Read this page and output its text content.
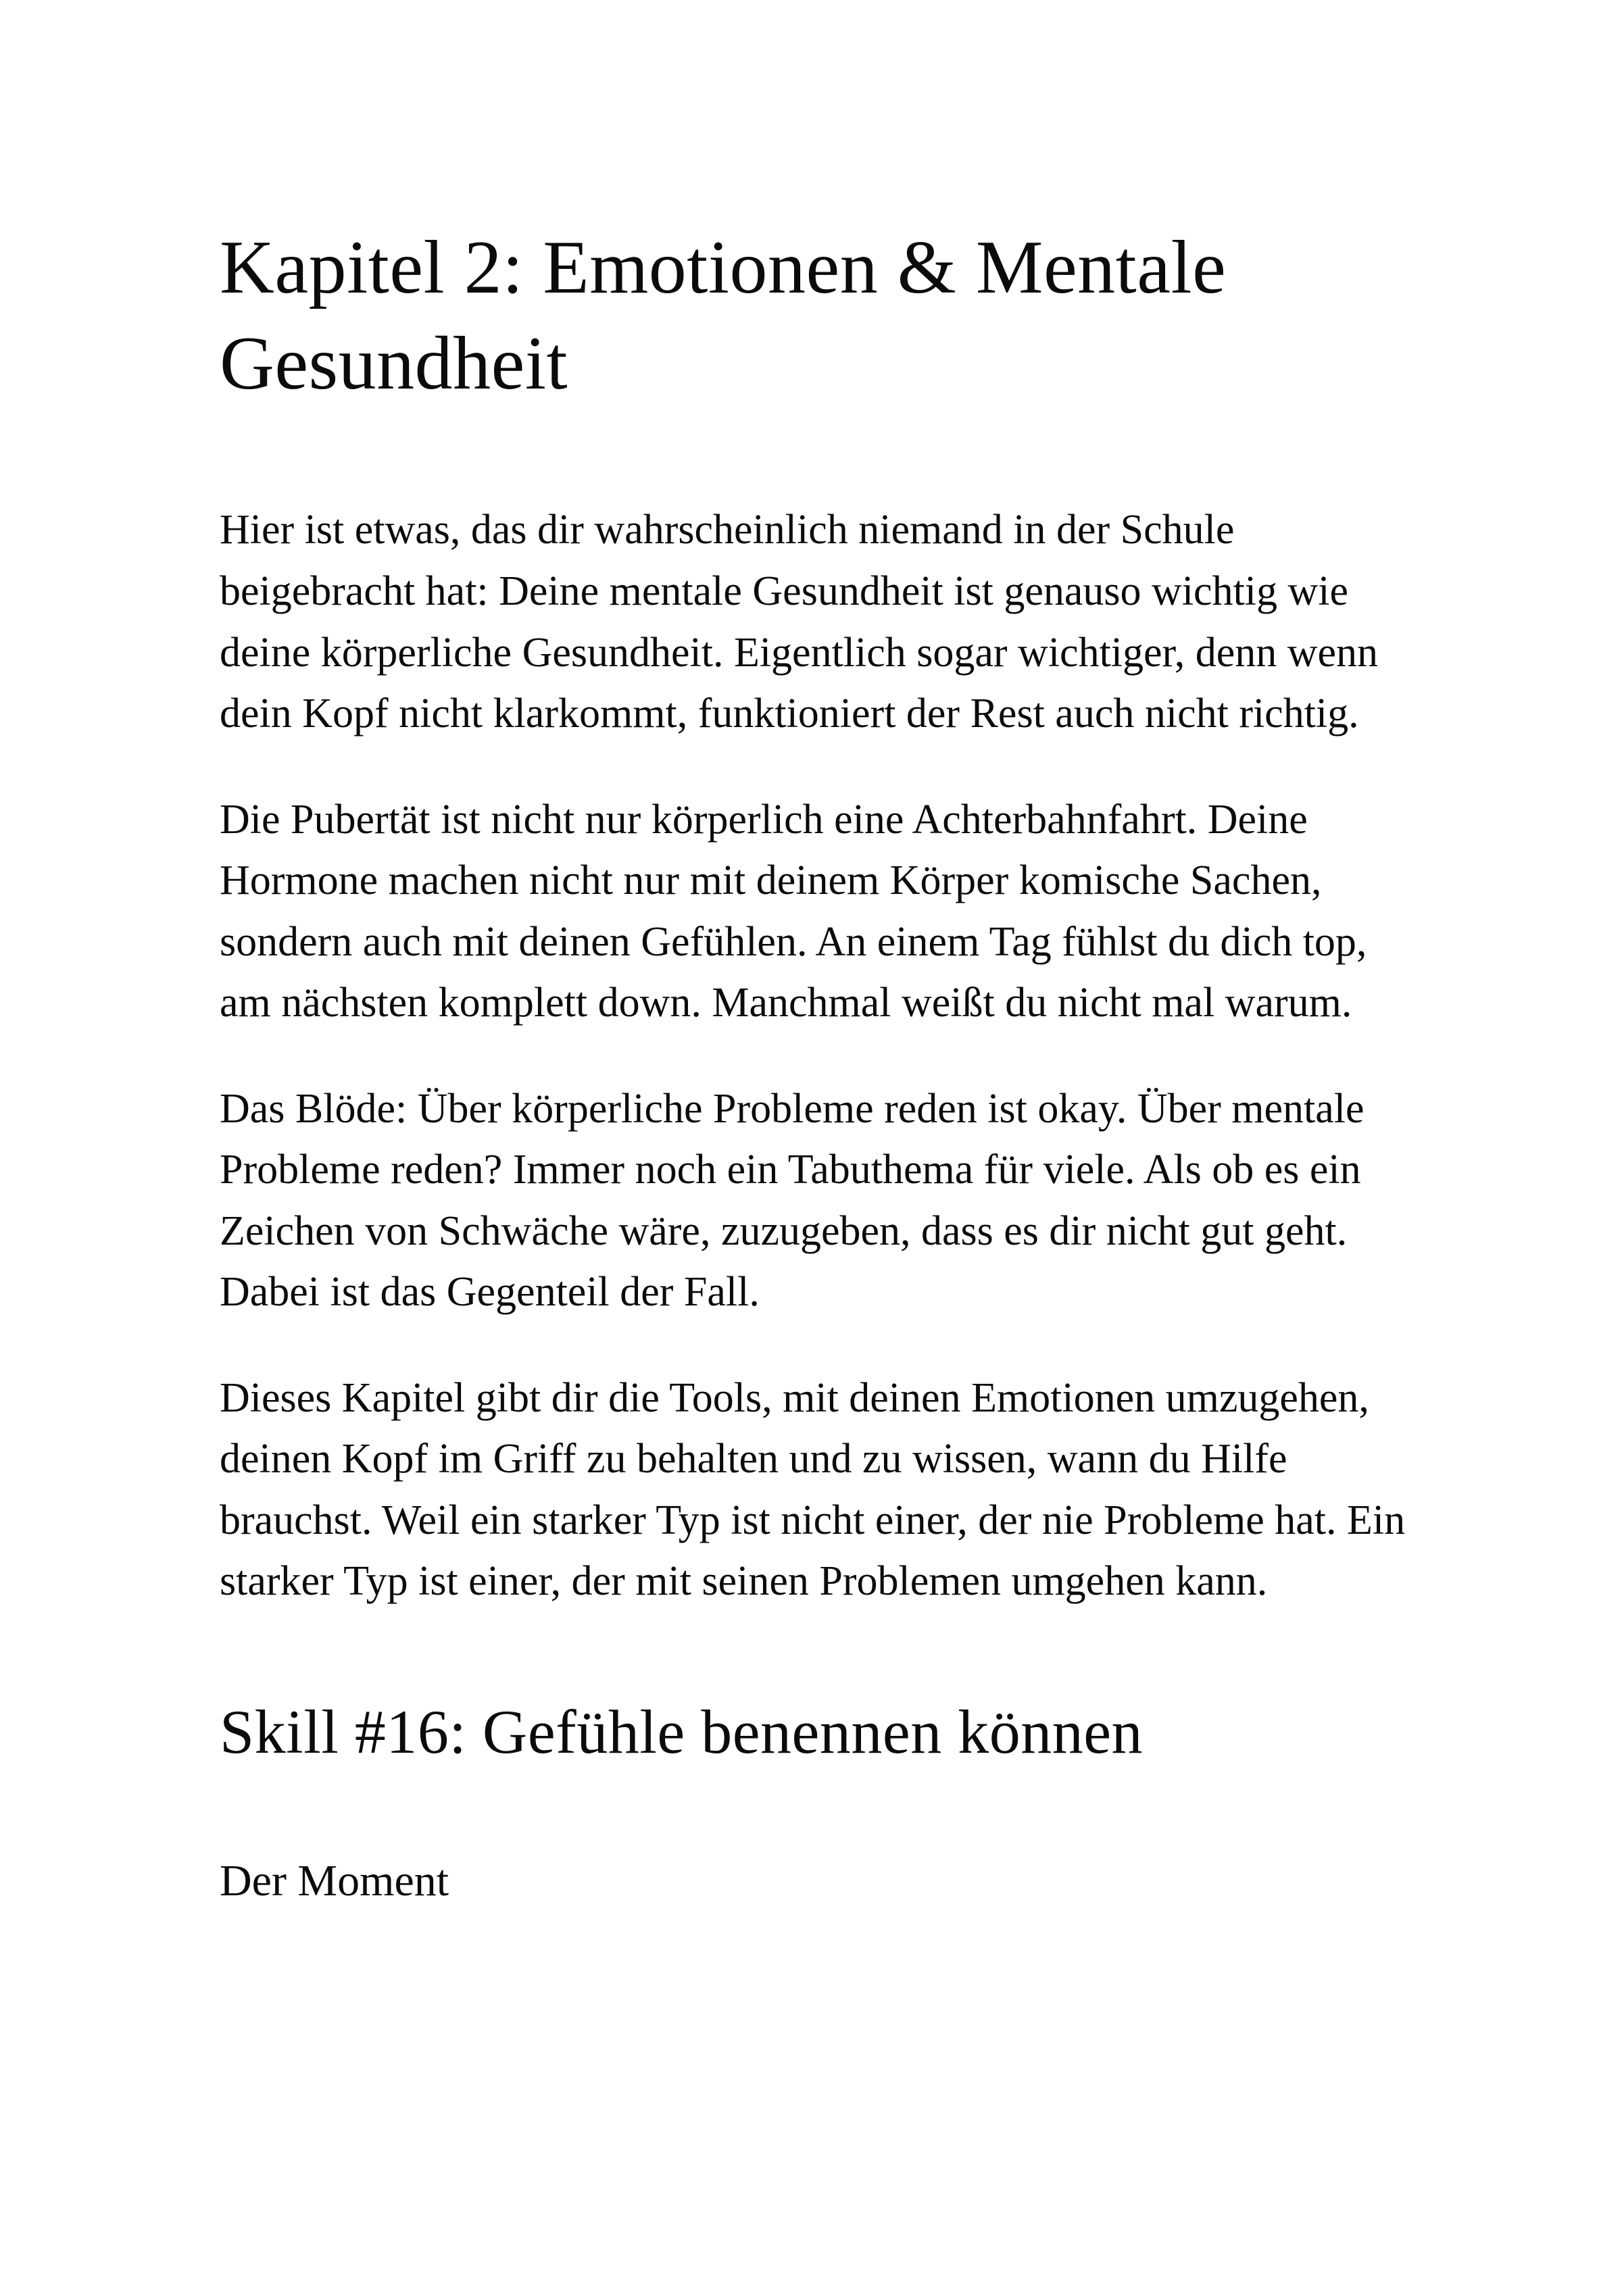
Kapitel 2: Emotionen & Mentale Gesundheit

Hier ist etwas, das dir wahrscheinlich niemand in der Schule beigebracht hat: Deine mentale Gesundheit ist genauso wichtig wie deine körperliche Gesundheit. Eigentlich sogar wichtiger, denn wenn dein Kopf nicht klarkommt, funktioniert der Rest auch nicht richtig.

Die Pubertät ist nicht nur körperlich eine Achterbahnfahrt. Deine Hormone machen nicht nur mit deinem Körper komische Sachen, sondern auch mit deinen Gefühlen. An einem Tag fühlst du dich top, am nächsten komplett down. Manchmal weißt du nicht mal warum.

Das Blöde: Über körperliche Probleme reden ist okay. Über mentale Probleme reden? Immer noch ein Tabuthema für viele. Als ob es ein Zeichen von Schwäche wäre, zuzugeben, dass es dir nicht gut geht. Dabei ist das Gegenteil der Fall.

Dieses Kapitel gibt dir die Tools, mit deinen Emotionen umzugehen, deinen Kopf im Griff zu behalten und zu wissen, wann du Hilfe brauchst. Weil ein starker Typ ist nicht einer, der nie Probleme hat. Ein starker Typ ist einer, der mit seinen Problemen umgehen kann.

Skill #16: Gefühle benennen können
Der Moment
